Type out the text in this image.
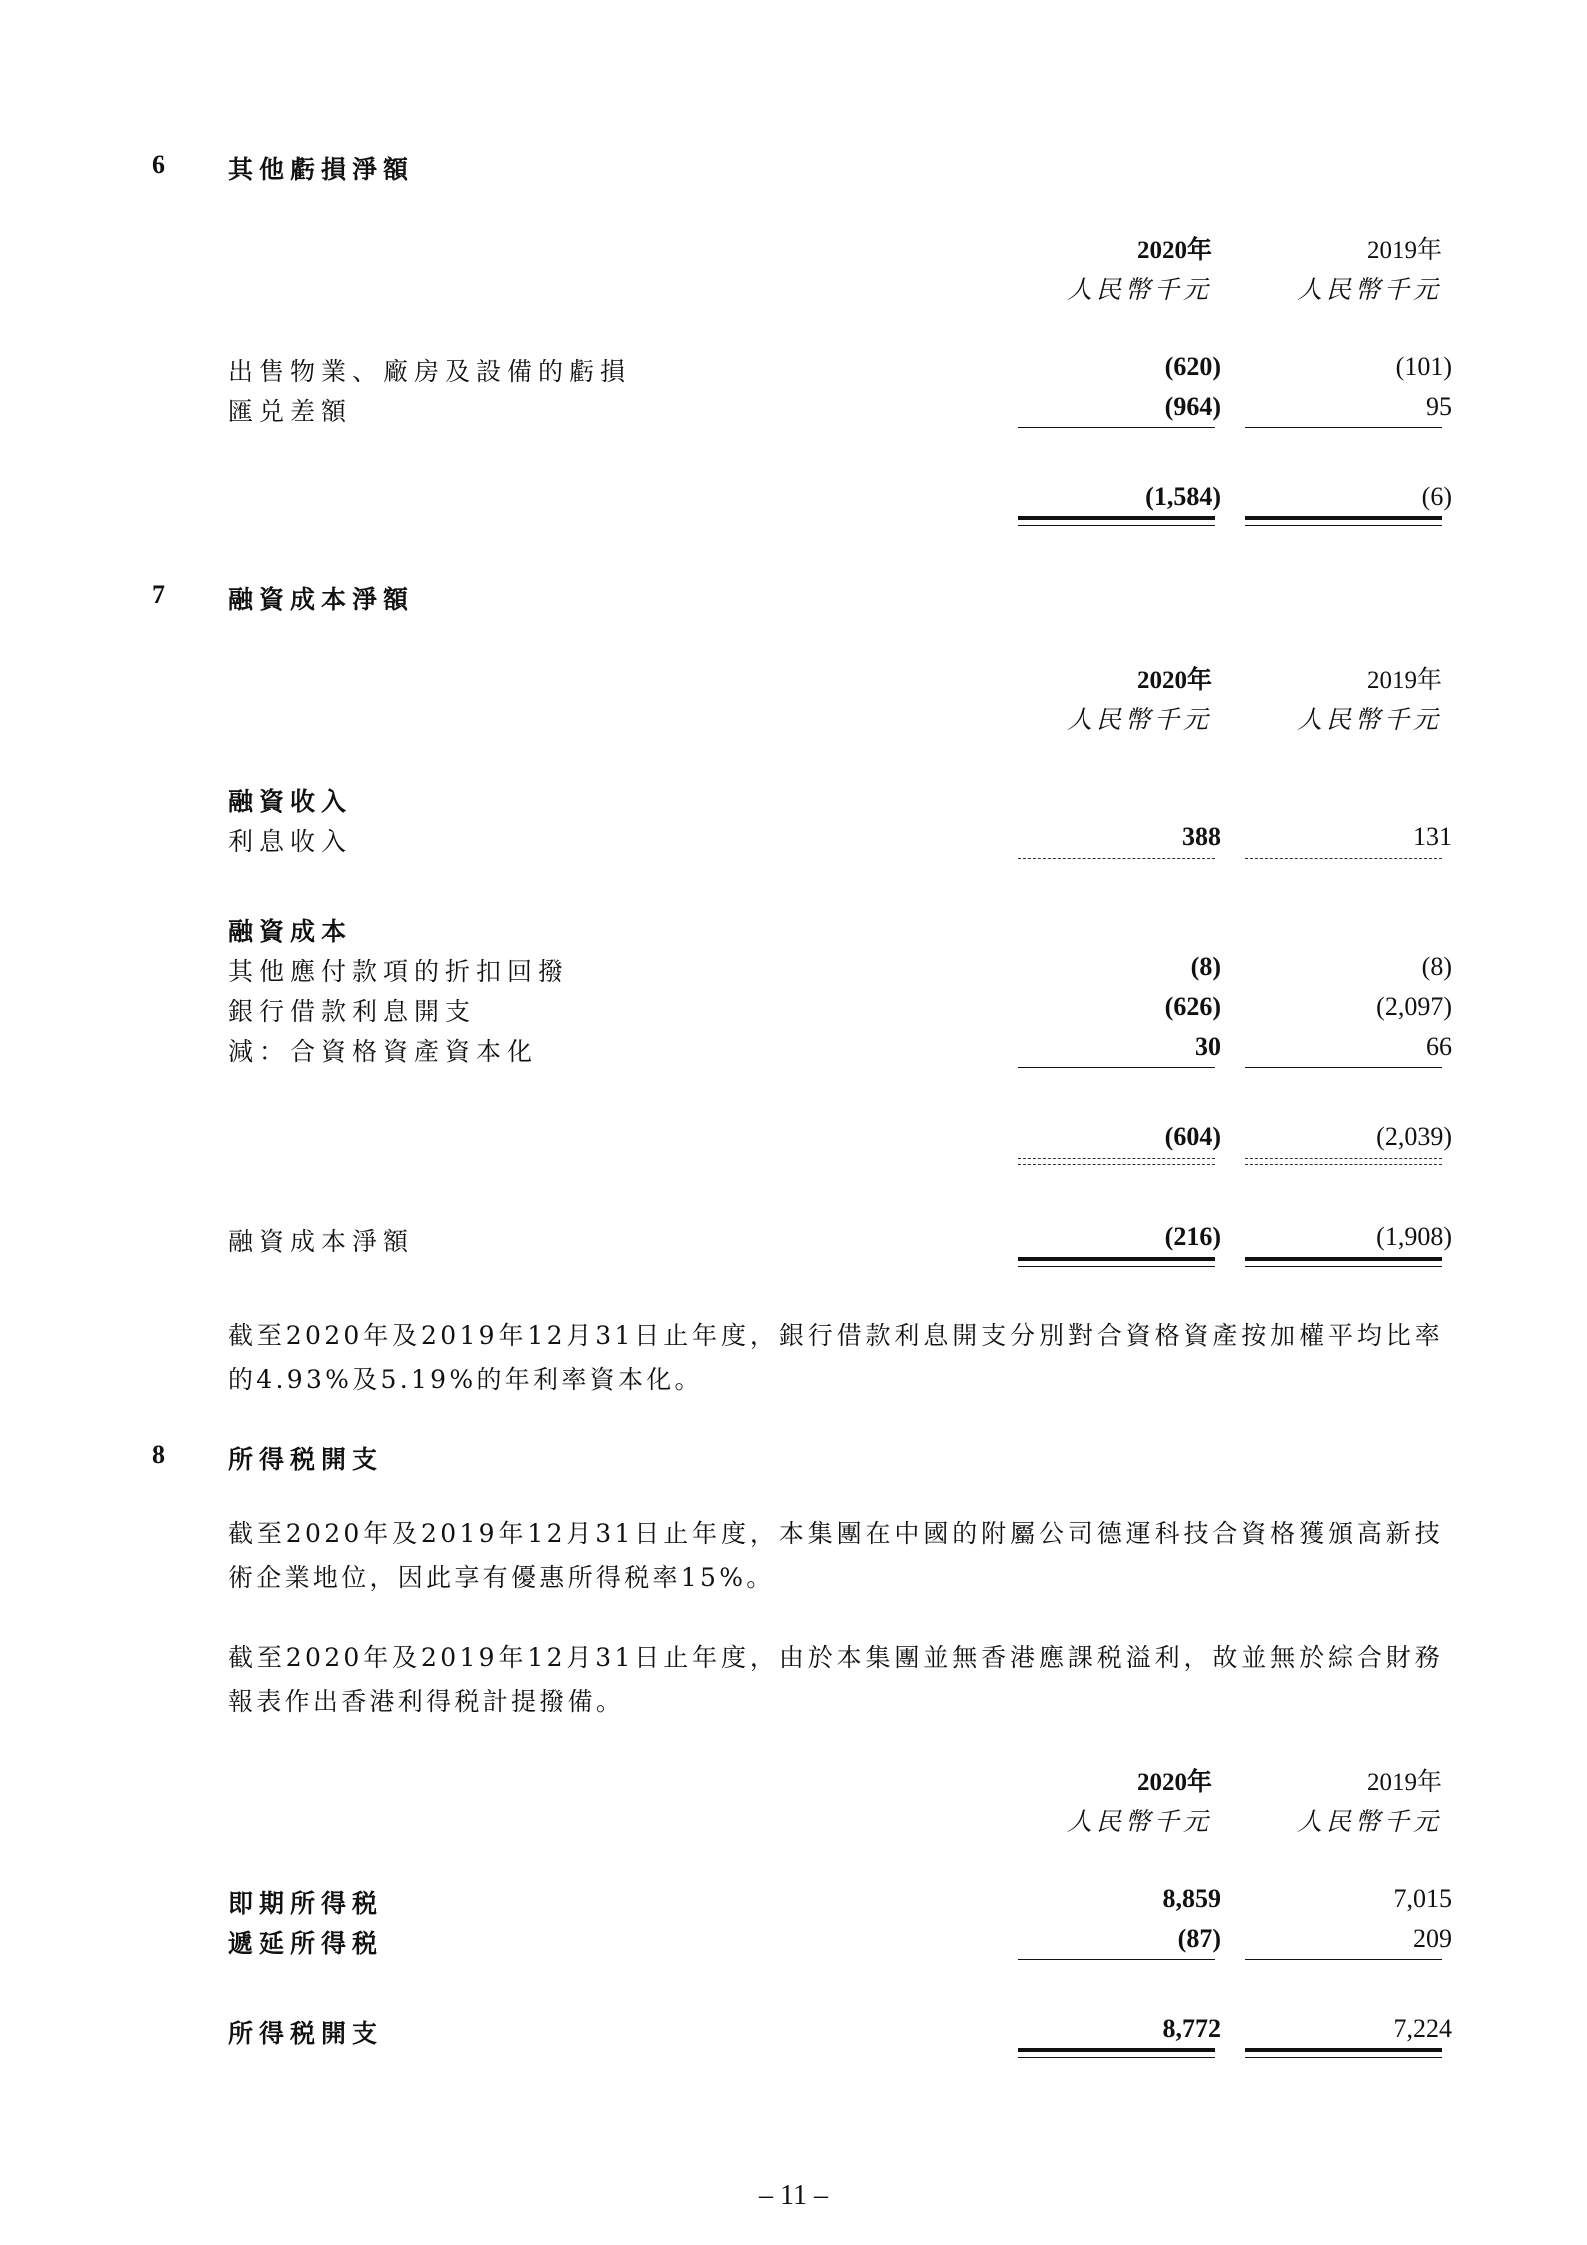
6	其他虧損淨額
2020年	2019年
人民幣千元	人民幣千元
出售物業、廠房及設備的虧損	(620)	(101)
匯兑差額	(964)	95
(1,584)	(6)
7	融資成本淨額
2020年	2019年
人民幣千元	人民幣千元
融資收入
利息收入	388	131
融資成本
其他應付款項的折扣回撥	(8)	(8)
銀行借款利息開支	(626)	(2,097)
減：合資格資產資本化	30	66
(604)	(2,039)
融資成本淨額	(216)	(1,908)
截至2020年及2019年12月31日止年度，銀行借款利息開支分別對合資格資產按加權平均比率的4.93%及5.19%的年利率資本化。
8	所得税開支
截至2020年及2019年12月31日止年度，本集團在中國的附屬公司德運科技合資格獲頒高新技術企業地位，因此享有優惠所得税率15%。
截至2020年及2019年12月31日止年度，由於本集團並無香港應課税溢利，故並無於綜合財務報表作出香港利得税計提撥備。
2020年	2019年
人民幣千元	人民幣千元
即期所得税	8,859	7,015
遞延所得税	(87)	209
所得税開支	8,772	7,224
– 11 –
